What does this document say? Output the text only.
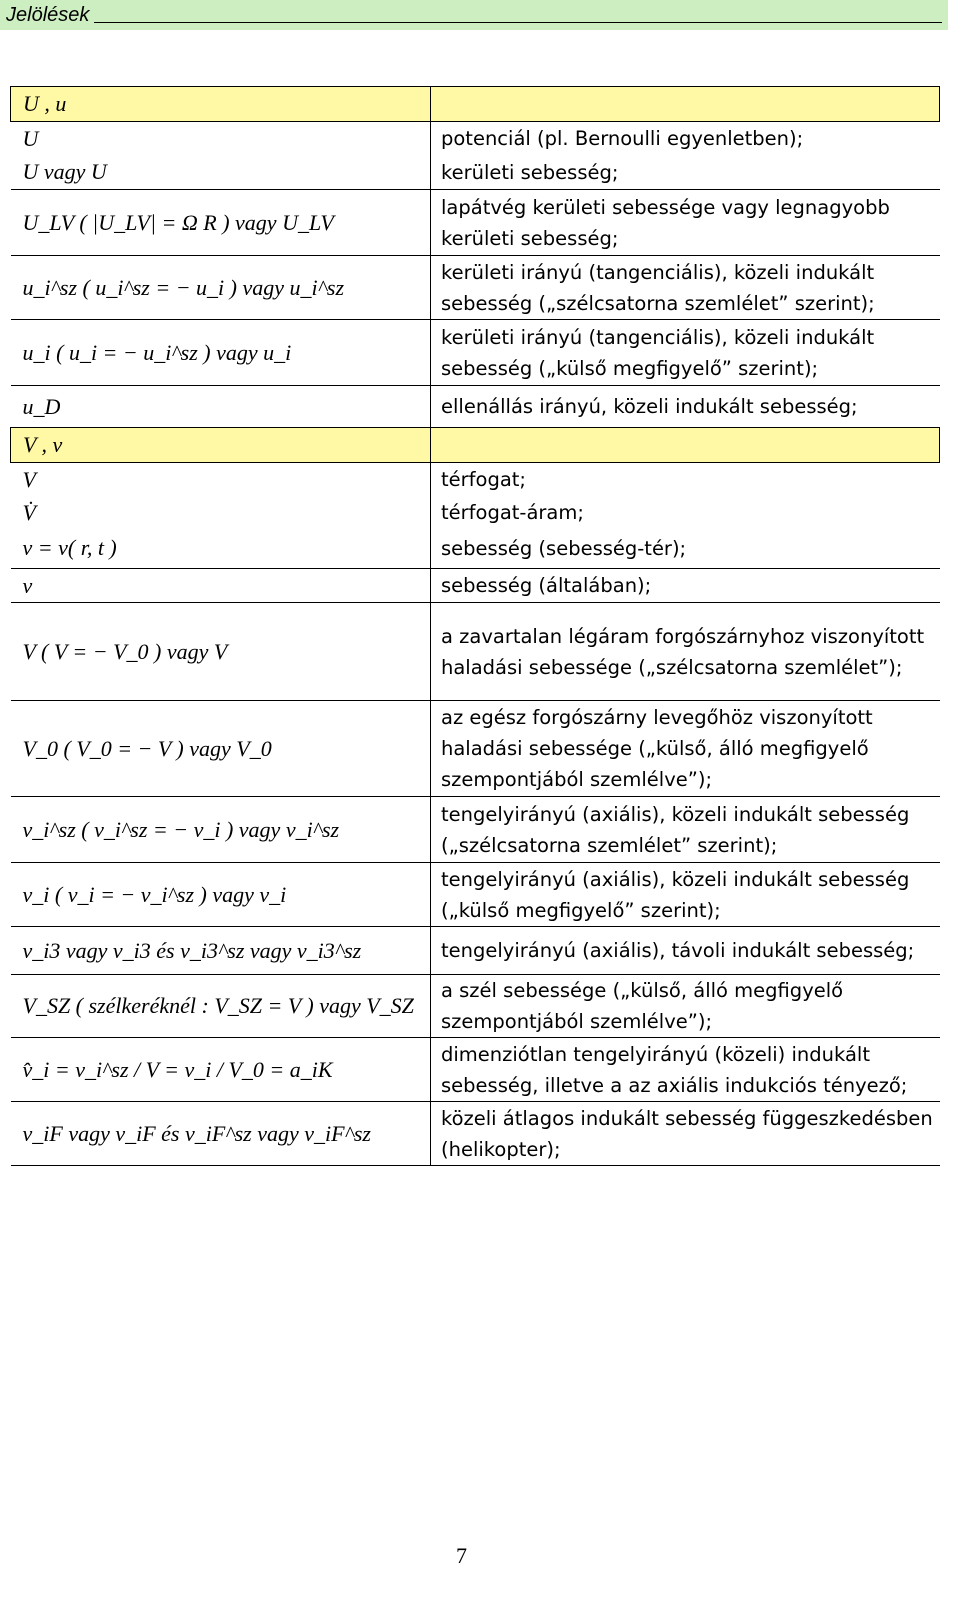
Jelölések
U , u	
U	potenciál (pl. Bernoulli egyenletben);
U vagy U	kerületi sebesség;
U_LV ( |U_LV| = Ω R ) vagy U_LV	lapátvég kerületi sebessége vagy legnagyobb kerületi sebesség;
u_i^sz ( u_i^sz = − u_i ) vagy u_i^sz	kerületi irányú (tangenciális), közeli indukált sebesség („szélcsatorna szemlélet” szerint);
u_i ( u_i = − u_i^sz ) vagy u_i	kerületi irányú (tangenciális), közeli indukált sebesség („külső megfigyelő” szerint);
u_D	ellenállás irányú, közeli indukált sebesség;
V , v	
V	térfogat;
V̇	térfogat-áram;
v = v( r, t )	sebesség (sebesség-tér);
v	sebesség (általában);
V ( V = − V_0 ) vagy V	a zavartalan légáram forgószárnyhoz viszonyított haladási sebessége („szélcsatorna szemlélet”);
V_0 ( V_0 = − V ) vagy V_0	az egész forgószárny levegőhöz viszonyított haladási sebessége („külső, álló megfigyelő szempontjából szemlélve”);
v_i^sz ( v_i^sz = − v_i ) vagy v_i^sz	tengelyirányú (axiális), közeli indukált sebesség („szélcsatorna szemlélet” szerint);
v_i ( v_i = − v_i^sz ) vagy v_i	tengelyirányú (axiális), közeli indukált sebesség („külső megfigyelő” szerint);
v_i3 vagy v_i3 és v_i3^sz vagy v_i3^sz	tengelyirányú (axiális), távoli indukált sebesség;
V_SZ ( szélkeréknél : V_SZ = V ) vagy V_SZ	a szél sebessége („külső, álló megfigyelő szempontjából szemlélve”);
v̂_i = v_i^sz / V = v_i / V_0 = a_iK	dimenziótlan tengelyirányú (közeli) indukált sebesség, illetve a az axiális indukciós tényező;
v_iF vagy v_iF és v_iF^sz vagy v_iF^sz	közeli átlagos indukált sebesség függeszkedésben (helikopter);
7
